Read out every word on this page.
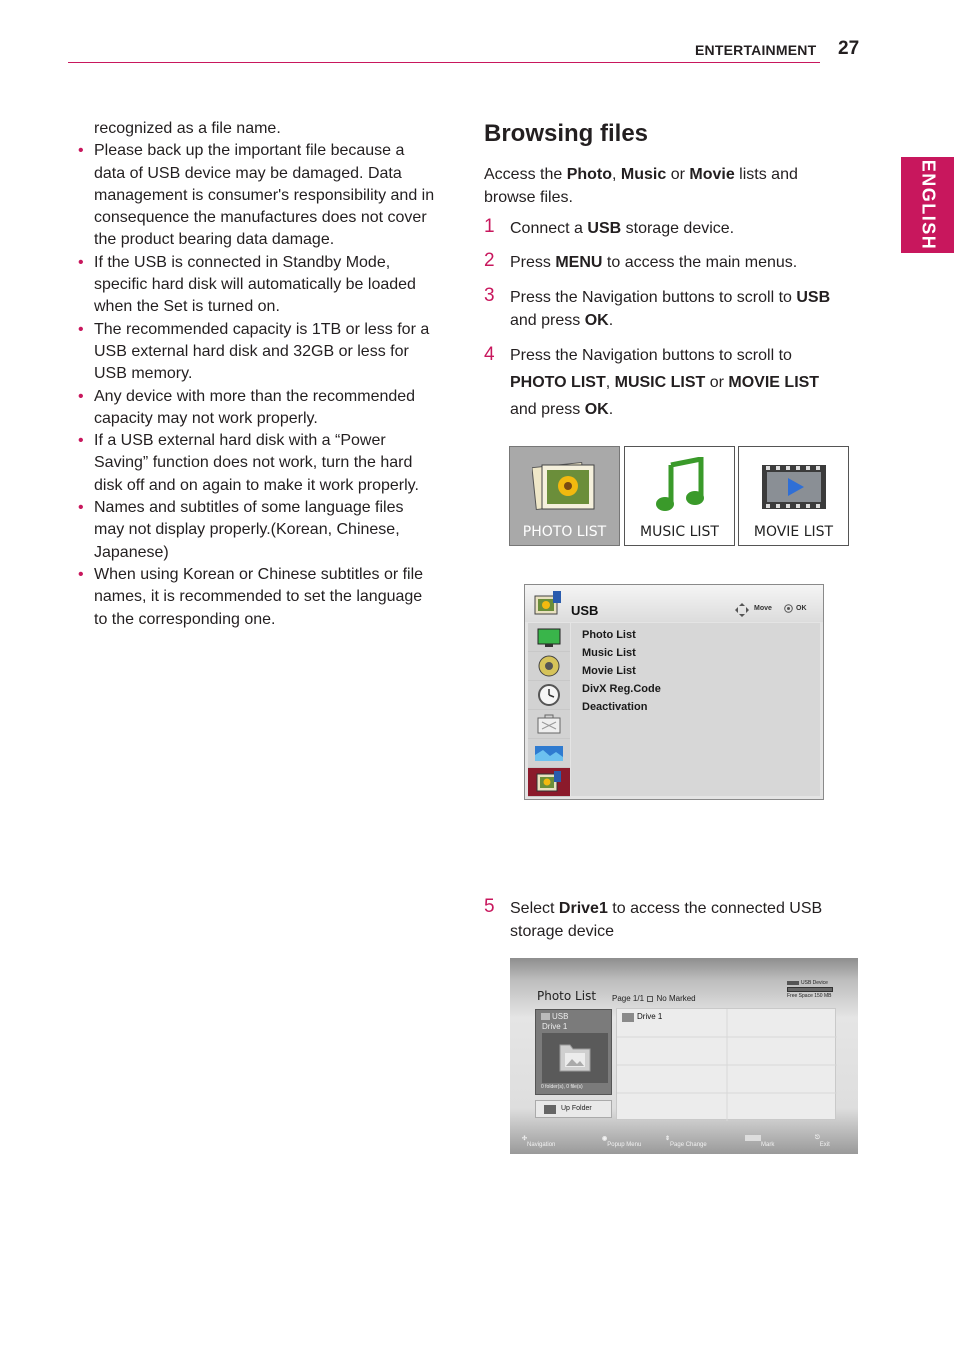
ENTERTAINMENT 27
ENGLISH

recognized as a file name.

• Please back up the important file because a data of USB device may be damaged. Data management is consumer's responsibility and in consequence the manufactures does not cover the product bearing data damage.
• If the USB is connected in Standby Mode, specific hard disk will automatically be loaded when the Set is turned on.
• The recommended capacity is 1TB or less for a USB external hard disk and 32GB or less for USB memory.
• Any device with more than the recommended capacity may not work properly.
• If a USB external hard disk with a “Power Saving” function does not work, turn the hard disk off and on again to make it work properly.
• Names and subtitles of some language files may not display properly.(Korean, Chinese, Japanese)
• When using Korean or Chinese subtitles or file names, it is recommended to set the language to the corresponding one.
Browsing files

Access the Photo, Music or Movie lists and browse files.

1 Connect a USB storage device.
2 Press MENU to access the main menus.
3 Press the Navigation buttons to scroll to USB
and press OK.
4 Press the Navigation buttons to scroll to
PHOTO LIST, MUSIC LIST or MOVIE LIST
and press OK.
PHOTO LIST	MUSIC LIST	MOVIE LIST
USB	Move	OK
Photo List
Music List
Movie List
DivX Reg.Code
Deactivation
5 Select Drive1 to access the connected USB storage device
Photo List Page 1/1 No Marked
USB Device
Free Space 150 MB
USB
Drive 1
0 folder(s), 0 file(s)
Up Folder
Drive 1
✣
Navigation
◉
Popup Menu
⇕
Page Change	Mark
⎋
Exit
